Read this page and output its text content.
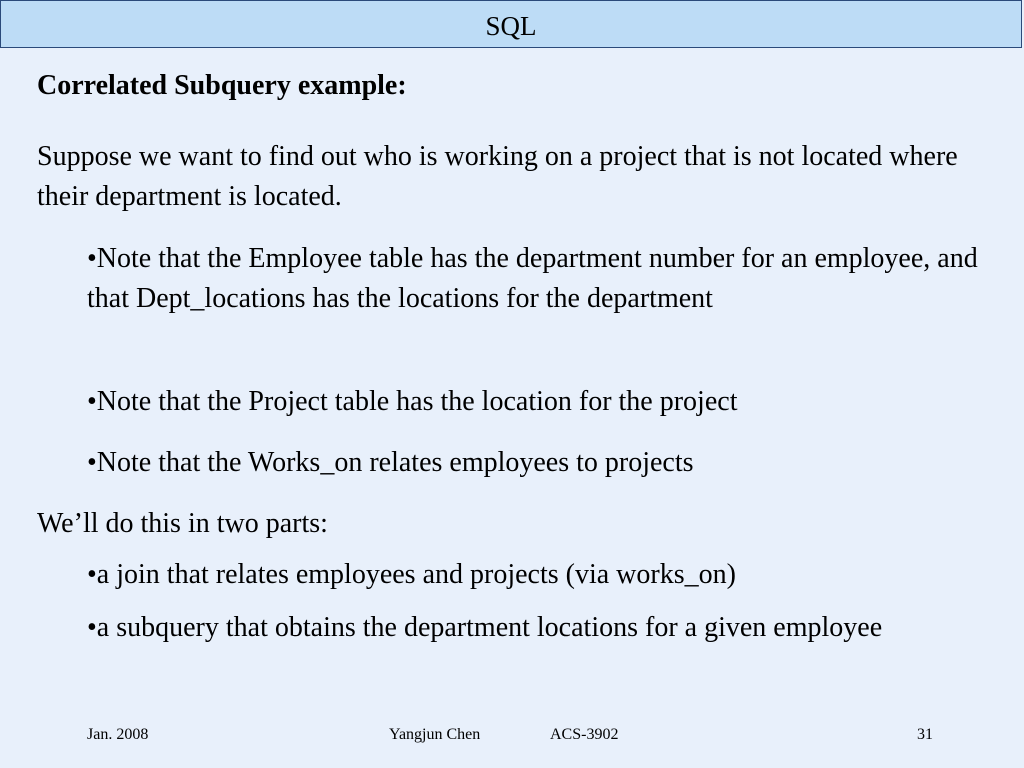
SQL
Correlated Subquery example:
Suppose we want to find out who is working on a project that is not located where their department is located.
•Note that the Employee table has the department number for an employee, and that Dept_locations has the locations for the department
•Note that the Project table has the location for the project
•Note that the Works_on relates employees to projects
We’ll do this in two parts:
•a join that relates employees and projects (via works_on)
•a subquery that obtains the department locations for a given employee
Jan. 2008	Yangjun Chen	ACS-3902	31
